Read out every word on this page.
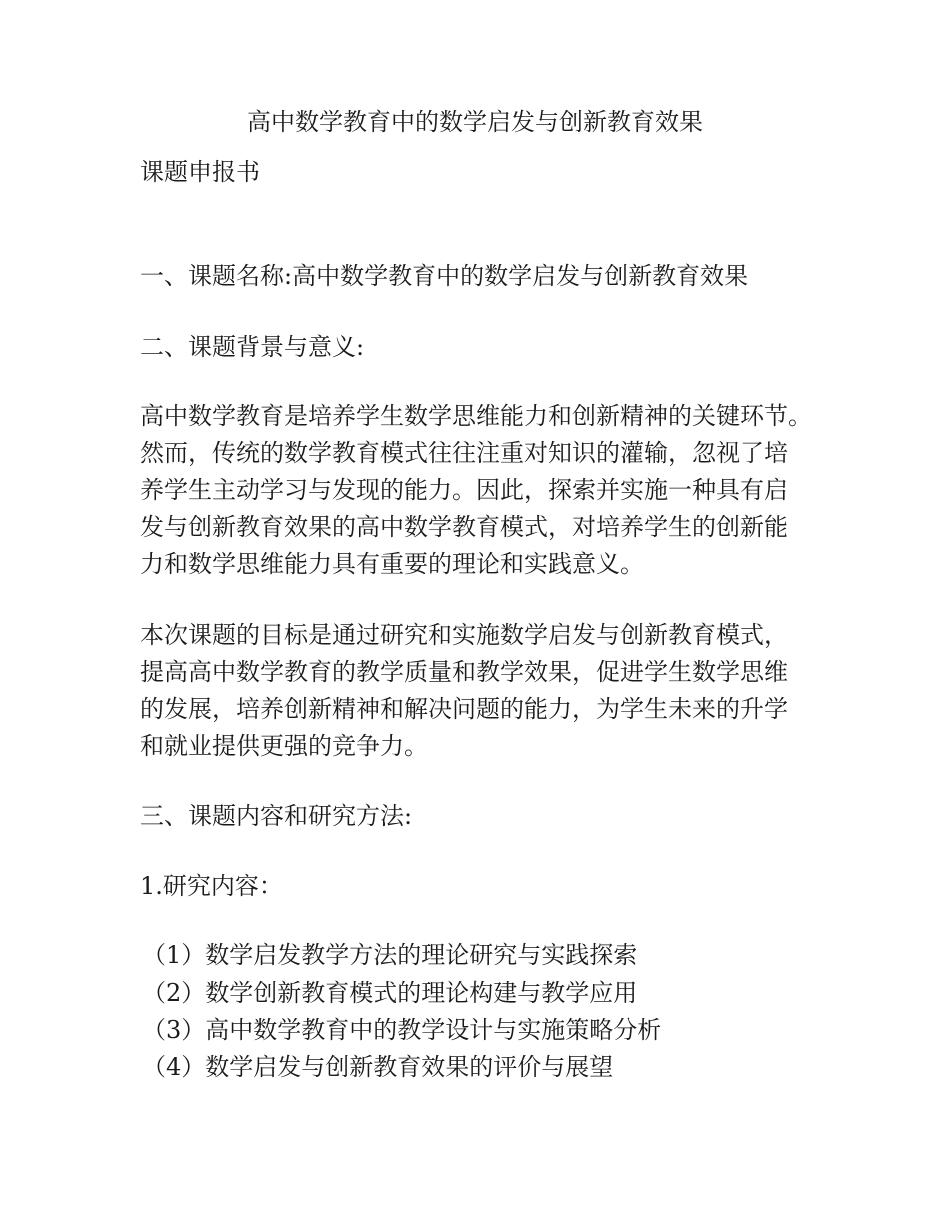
高中数学教育中的数学启发与创新教育效果
课题申报书
一、课题名称:高中数学教育中的数学启发与创新教育效果
二、课题背景与意义:
高中数学教育是培养学生数学思维能力和创新精神的关键环节。
然而，传统的数学教育模式往往注重对知识的灌输，忽视了培
养学生主动学习与发现的能力。因此，探索并实施一种具有启
发与创新教育效果的高中数学教育模式，对培养学生的创新能
力和数学思维能力具有重要的理论和实践意义。
本次课题的目标是通过研究和实施数学启发与创新教育模式，
提高高中数学教育的教学质量和教学效果，促进学生数学思维
的发展，培养创新精神和解决问题的能力，为学生未来的升学
和就业提供更强的竞争力。
三、课题内容和研究方法:
1.研究内容：
（1）数学启发教学方法的理论研究与实践探索
（2）数学创新教育模式的理论构建与教学应用
（3）高中数学教育中的教学设计与实施策略分析
（4）数学启发与创新教育效果的评价与展望
